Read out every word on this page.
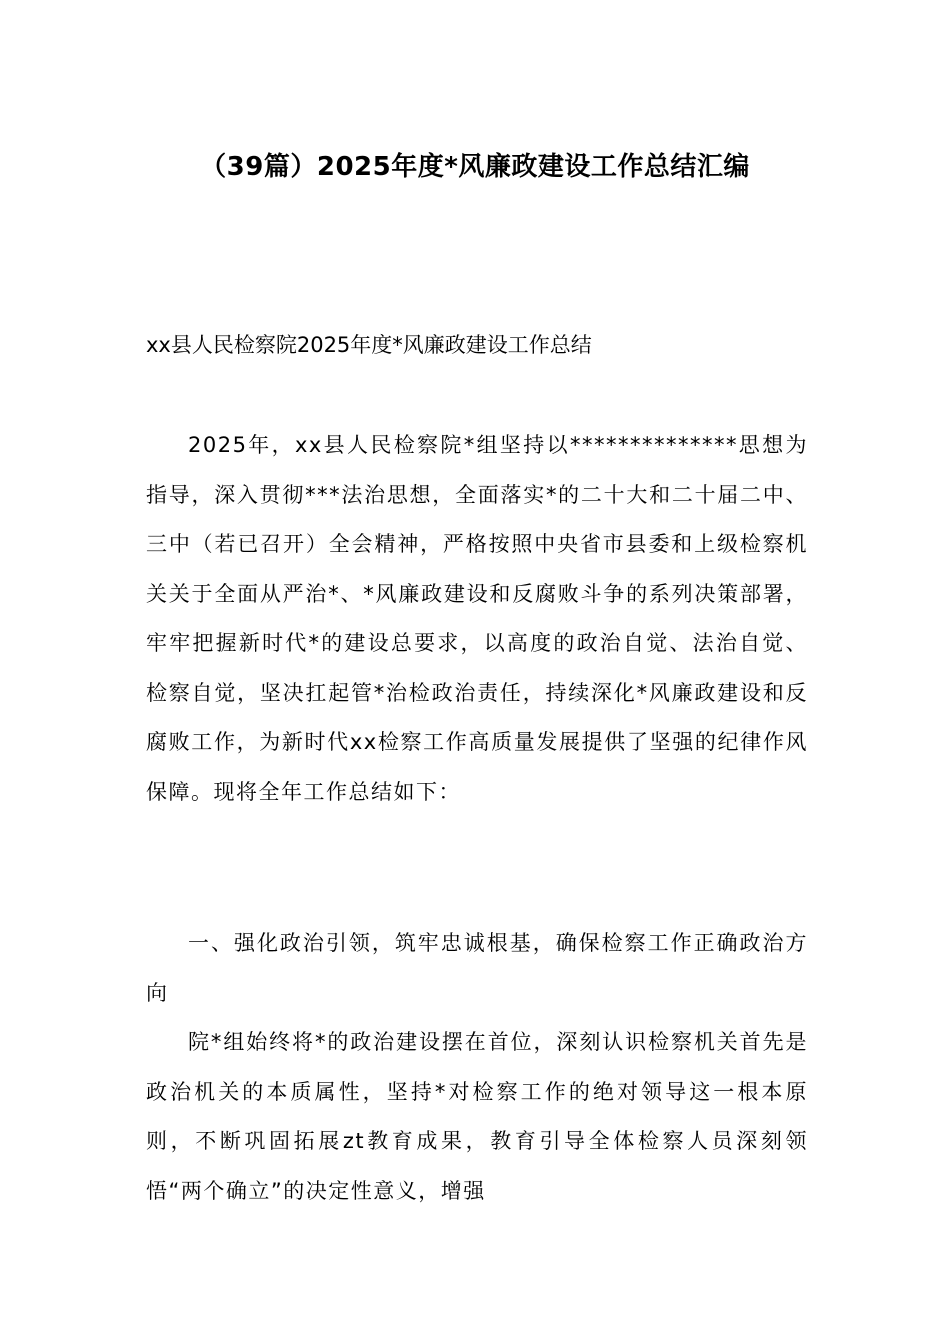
（39篇）2025年度*风廉政建设工作总结汇编
xx县人民检察院2025年度*风廉政建设工作总结

2025年，xx县人民检察院*组坚持以**************思想为指导，深入贯彻***法治思想，全面落实*的二十大和二十届二中、三中（若已召开）全会精神，严格按照中央省市县委和上级检察机关关于全面从严治*、*风廉政建设和反腐败斗争的系列决策部署，牢牢把握新时代*的建设总要求，以高度的政治自觉、法治自觉、检察自觉，坚决扛起管*治检政治责任，持续深化*风廉政建设和反腐败工作，为新时代xx检察工作高质量发展提供了坚强的纪律作风保障。现将全年工作总结如下：

一、强化政治引领，筑牢忠诚根基，确保检察工作正确政治方向

院*组始终将*的政治建设摆在首位，深刻认识检察机关首先是政治机关的本质属性，坚持*对检察工作的绝对领导这一根本原则，不断巩固拓展zt教育成果，教育引导全体检察人员深刻领悟“两个确立”的决定性意义，增强
